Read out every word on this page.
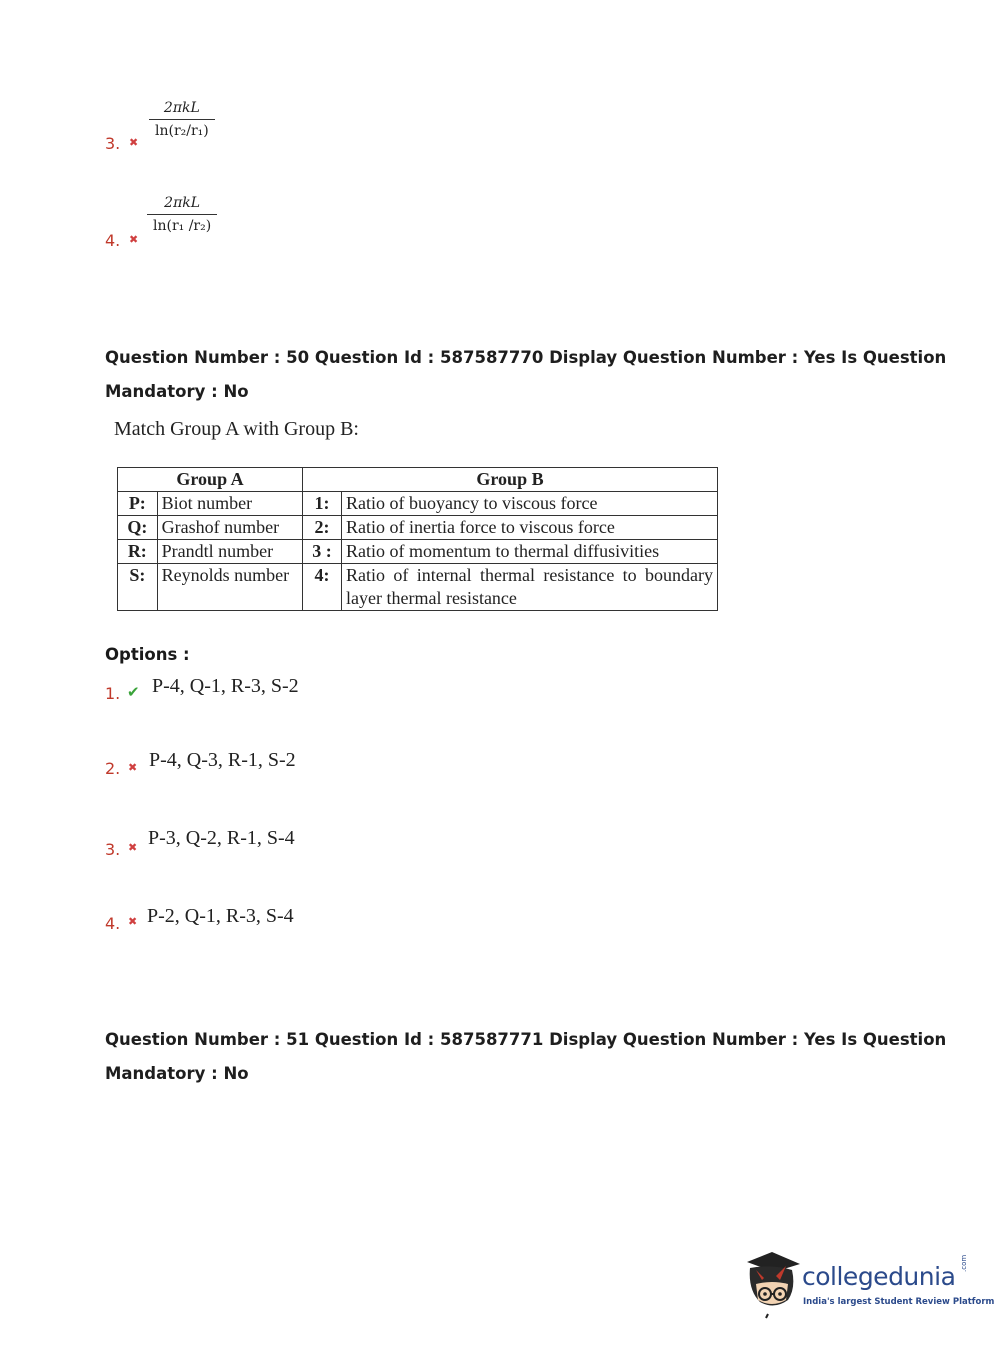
3. ✖
2πkL
ln(r₂/r₁)
4. ✖
2πkL
ln(r₁ /r₂)
Question Number : 50 Question Id : 587587770 Display Question Number : Yes Is Question
Mandatory : No
Match Group A with Group B:
Group A		Group B	
P:	Biot number	1:	Ratio of buoyancy to viscous force
Q:	Grashof number	2:	Ratio of inertia force to viscous force
R:	Prandtl number	3 :	Ratio of momentum to thermal diffusivities
S:	Reynolds number	4:	Ratio of internal thermal resistance to boundary layer thermal resistance
Options :
1. ✔ P-4, Q-1, R-3, S-2
2. ✖ P-4, Q-3, R-1, S-2
3. ✖ P-3, Q-2, R-1, S-4
4. ✖ P-2, Q-1, R-3, S-4
Question Number : 51 Question Id : 587587771 Display Question Number : Yes Is Question
Mandatory : No
collegedunia .com
India's largest Student Review Platform
